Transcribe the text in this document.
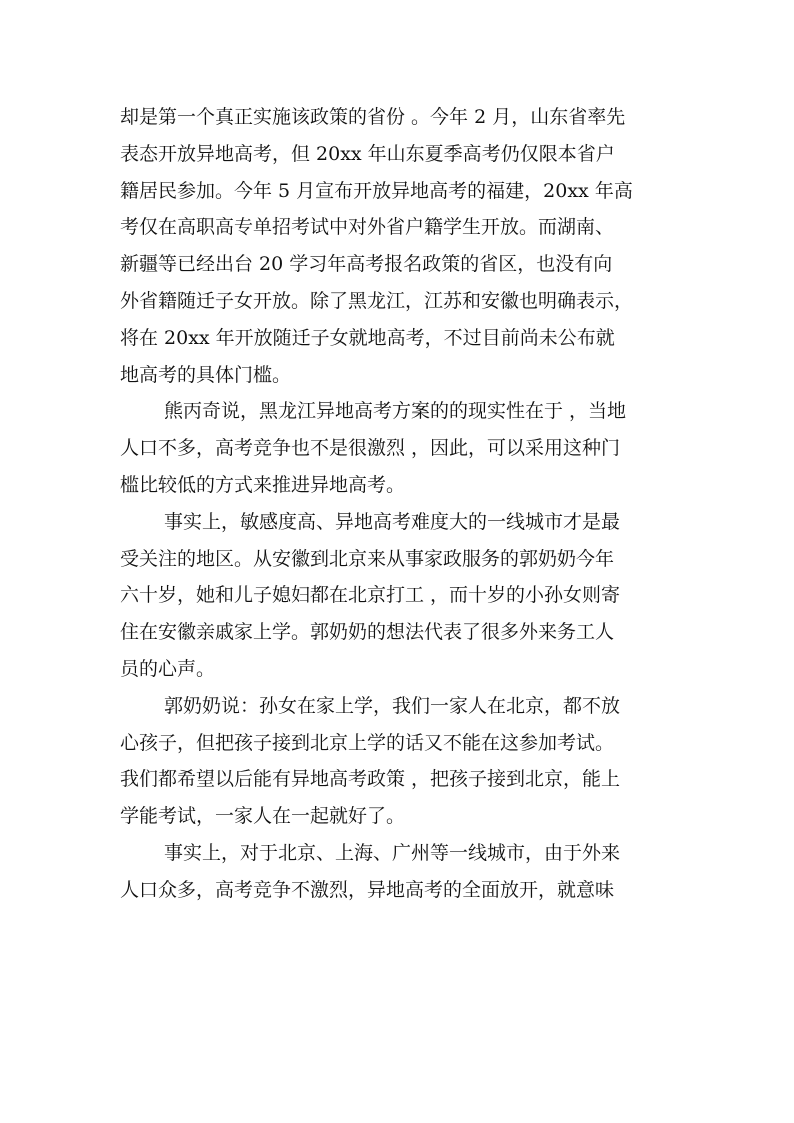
却是第一个真正实施该政策的省份 。今年 2 月，山东省率先
表态开放异地高考，但 20xx 年山东夏季高考仍仅限本省户
籍居民参加。今年 5 月宣布开放异地高考的福建，20xx 年高
考仅在高职高专单招考试中对外省户籍学生开放。而湖南、
新疆等已经出台 20 学习年高考报名政策的省区，也没有向
外省籍随迁子女开放。除了黑龙江，江苏和安徽也明确表示，
将在 20xx 年开放随迁子女就地高考，不过目前尚未公布就
地高考的具体门槛。
熊丙奇说，黑龙江异地高考方案的的现实性在于 ，当地
人口不多，高考竞争也不是很激烈 ，因此，可以采用这种门
槛比较低的方式来推进异地高考。
事实上，敏感度高、异地高考难度大的一线城市才是最
受关注的地区。从安徽到北京来从事家政服务的郭奶奶今年
六十岁，她和儿子媳妇都在北京打工 ，而十岁的小孙女则寄
住在安徽亲戚家上学。郭奶奶的想法代表了很多外来务工人
员的心声。
郭奶奶说：孙女在家上学，我们一家人在北京，都不放
心孩子，但把孩子接到北京上学的话又不能在这参加考试。
我们都希望以后能有异地高考政策 ，把孩子接到北京，能上
学能考试，一家人在一起就好了。
事实上，对于北京、上海、广州等一线城市，由于外来
人口众多，高考竞争不激烈，异地高考的全面放开，就意味
